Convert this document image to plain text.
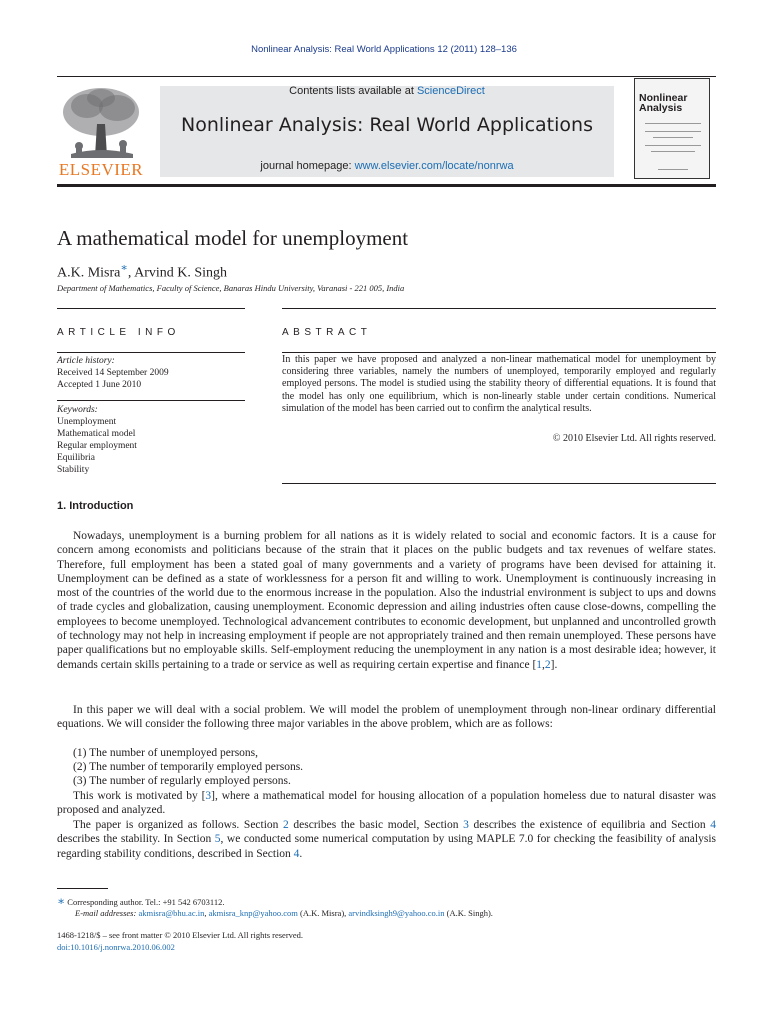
Nonlinear Analysis: Real World Applications 12 (2011) 128–136
ELSEVIER
Contents lists available at ScienceDirect
Nonlinear Analysis: Real World Applications
journal homepage: www.elsevier.com/locate/nonrwa
Nonlinear
Analysis
A mathematical model for unemployment
A.K. Misra∗, Arvind K. Singh
Department of Mathematics, Faculty of Science, Banaras Hindu University, Varanasi - 221 005, India
ARTICLE INFO
Article history:
Received 14 September 2009
Accepted 1 June 2010
Keywords:
Unemployment
Mathematical model
Regular employment
Equilibria
Stability
ABSTRACT
In this paper we have proposed and analyzed a non-linear mathematical model for unemployment by considering three variables, namely the numbers of unemployed, temporarily employed and regularly employed persons. The model is studied using the stability theory of differential equations. It is found that the model has only one equilibrium, which is non-linearly stable under certain conditions. Numerical simulation of the model has been carried out to confirm the analytical results.
© 2010 Elsevier Ltd. All rights reserved.
1. Introduction
Nowadays, unemployment is a burning problem for all nations as it is widely related to social and economic factors. It is a cause for concern among economists and politicians because of the strain that it places on the public budgets and tax revenues of welfare states. Therefore, full employment has been a stated goal of many governments and a variety of programs have been devised for attaining it. Unemployment can be defined as a state of worklessness for a person fit and willing to work. Unemployment is continuously increasing in most of the countries of the world due to the enormous increase in the population. Also the industrial environment is subject to ups and downs of trade cycles and globalization, causing unemployment. Economic depression and ailing industries often cause close-downs, compelling the employees to become unemployed. Technological advancement contributes to economic development, but unplanned and uncontrolled growth of technology may not help in increasing employment if people are not appropriately trained and then remain unemployed. These persons have paper qualifications but no employable skills. Self-employment reducing the unemployment in any nation is a most desirable idea; however, it demands certain skills pertaining to a trade or service as well as requiring certain expertise and finance [1,2].
In this paper we will deal with a social problem. We will model the problem of unemployment through non-linear ordinary differential equations. We will consider the following three major variables in the above problem, which are as follows:
(1) The number of unemployed persons,
(2) The number of temporarily employed persons.
(3) The number of regularly employed persons.
This work is motivated by [3], where a mathematical model for housing allocation of a population homeless due to natural disaster was proposed and analyzed.
The paper is organized as follows. Section 2 describes the basic model, Section 3 describes the existence of equilibria and Section 4 describes the stability. In Section 5, we conducted some numerical computation by using MAPLE 7.0 for checking the feasibility of analysis regarding stability conditions, described in Section 4.
∗ Corresponding author. Tel.: +91 542 6703112.
E-mail addresses: akmisra@bhu.ac.in, akmisra_knp@yahoo.com (A.K. Misra), arvindksingh9@yahoo.co.in (A.K. Singh).
1468-1218/$ – see front matter © 2010 Elsevier Ltd. All rights reserved.
doi:10.1016/j.nonrwa.2010.06.002
